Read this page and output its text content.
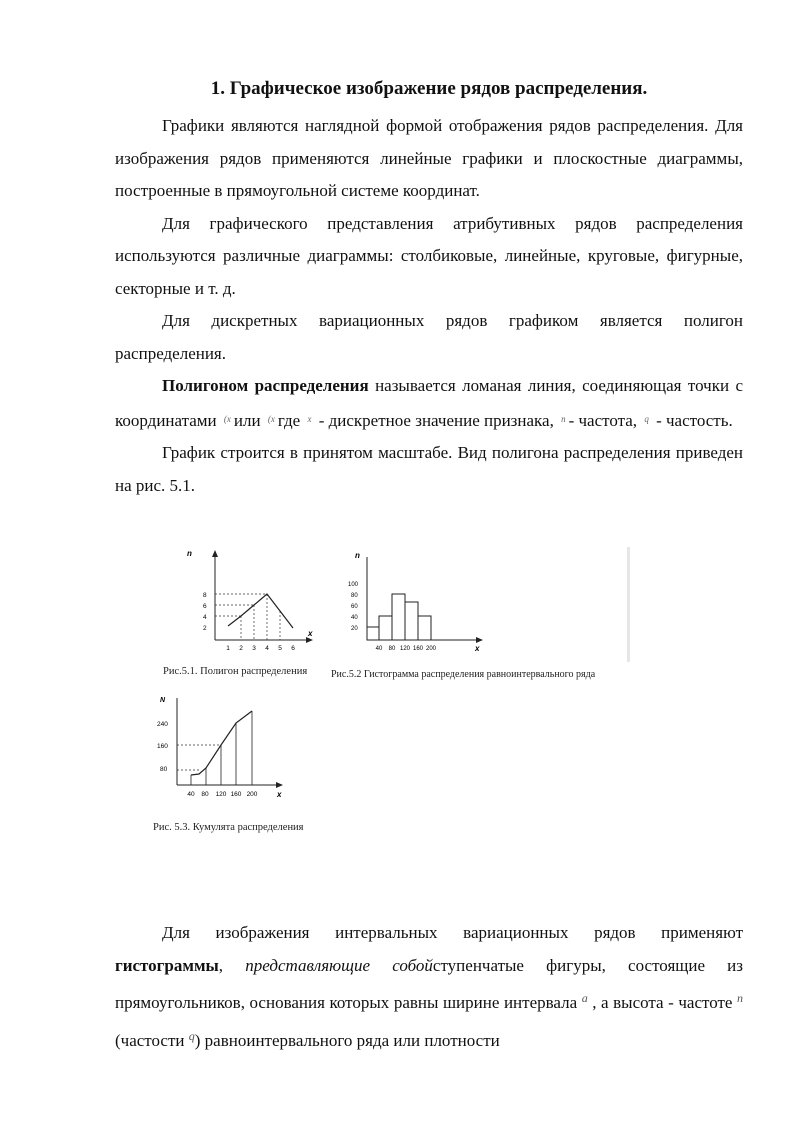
1. Графическое изображение рядов распределения.

Графики являются наглядной формой отображения рядов распределения. Для изображения рядов применяются линейные графики и плоскостные диаграммы, построенные в прямоугольной системе координат.

Для графического представления атрибутивных рядов распределения используются различные диаграммы: столбиковые, линейные, круговые, фигурные, секторные и т. д.

Для дискретных вариационных рядов графиком является полигон распределения.

Полигоном распределения называется ломаная линия, соединяющая точки с координатами $^{(x}$ или $^{(x}$ где $^x$ - дискретное значение признака, $^n$ - частота, $^q$ - частость.

График строится в принятом масштабе. Вид полигона распределения приведен на рис. 5.1.

n
x
2
4
6
8
1 2 3 4 5 6
Рис.5.1. Полигон распределения
n
x
20
40
60
80
100
40 80 120 160 200
Рис.5.2 Гистограмма распределения равноинтервального ряда
N
x
80
160
240
40 80 120 160 200
Рис. 5.3. Кумулята распределения

Для изображения интервальных вариационных рядов применяют гистограммы, представляющие собойступенчатые фигуры, состоящие из прямоугольников, основания которых равны ширине интервала $^a$ , а высота - частоте $^n$ (частости $^q$) равноинтервального ряда или плотности
